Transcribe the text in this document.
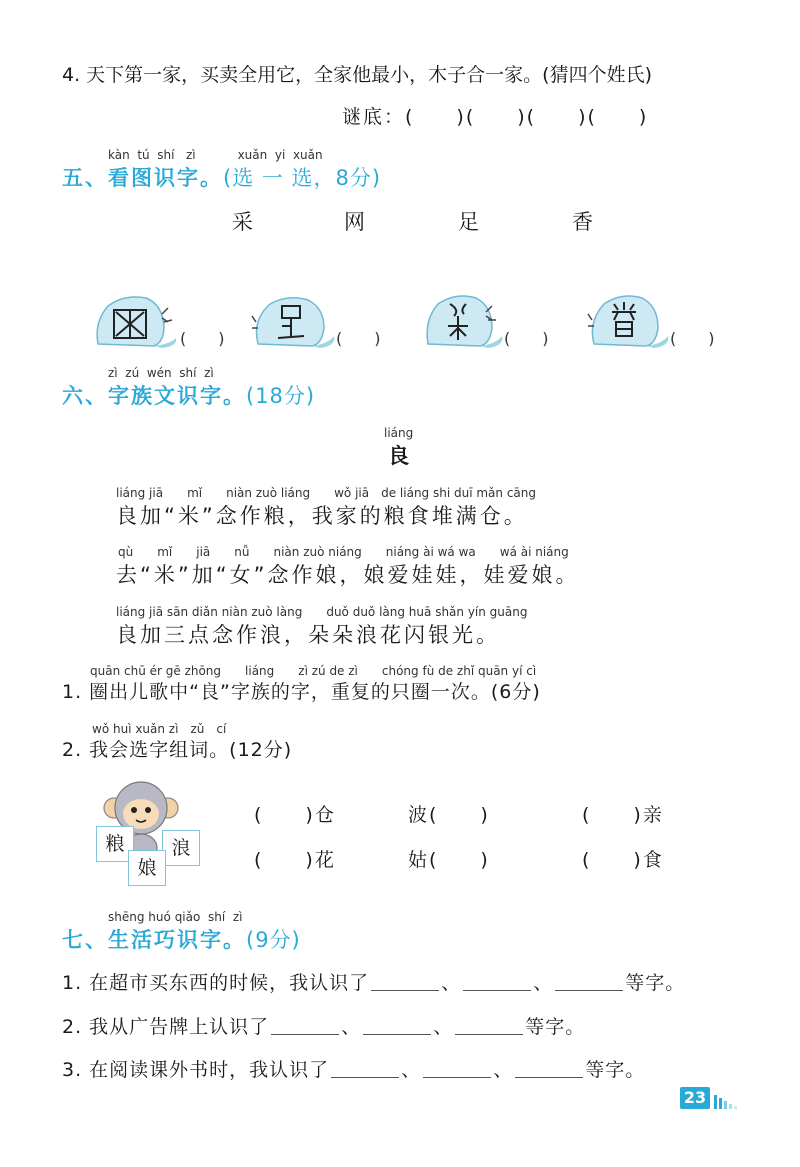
4. 天下第一家，买卖全用它，全家他最小，木子合一家。(猜四个姓氏)
谜底：(　　)(　　)(　　)(　　)
kàn tú shí zì	xuǎn yi xuǎn
五、看图识字。(选 一 选，8分)
采	网	足	香
(　　)	(　　)	(　　)	(　　)
zì zú wén shí zì
六、字族文识字。(18分)
liáng
良
liáng jiā　　mǐ　　niàn zuò liáng　　wǒ jiā　de liáng shi duī mǎn cāng
良加“米”念作粮，我家的粮食堆满仓。
qù　　mǐ　　jiā　　nǚ　　niàn zuò niáng　　niáng ài wá wa　　wá ài niáng
去“米”加“女”念作娘，娘爱娃娃，娃爱娘。
liáng jiā sān diǎn niàn zuò làng　　duǒ duǒ làng huā shǎn yín guāng
良加三点念作浪，朵朵浪花闪银光。
quān chū ér gē zhōng　　liáng　　zì zú de zì　　chóng fù de zhǐ quān yí cì
1. 圈出儿歌中“良”字族的字，重复的只圈一次。(6分)
wǒ huì xuǎn zì　zǔ　cí
2. 我会选字组词。(12分)
粮	浪
娘
(　　)仓	波(　　)	(　　)亲
(　　)花	姑(　　)	(　　)食
shēng huó qiǎo shí zì
七、生活巧识字。(9分)
1. 在超市买东西的时候，我认识了	、	、	等字。
2. 我从广告牌上认识了	、	、	等字。
3. 在阅读课外书时，我认识了	、	、	等字。
23
